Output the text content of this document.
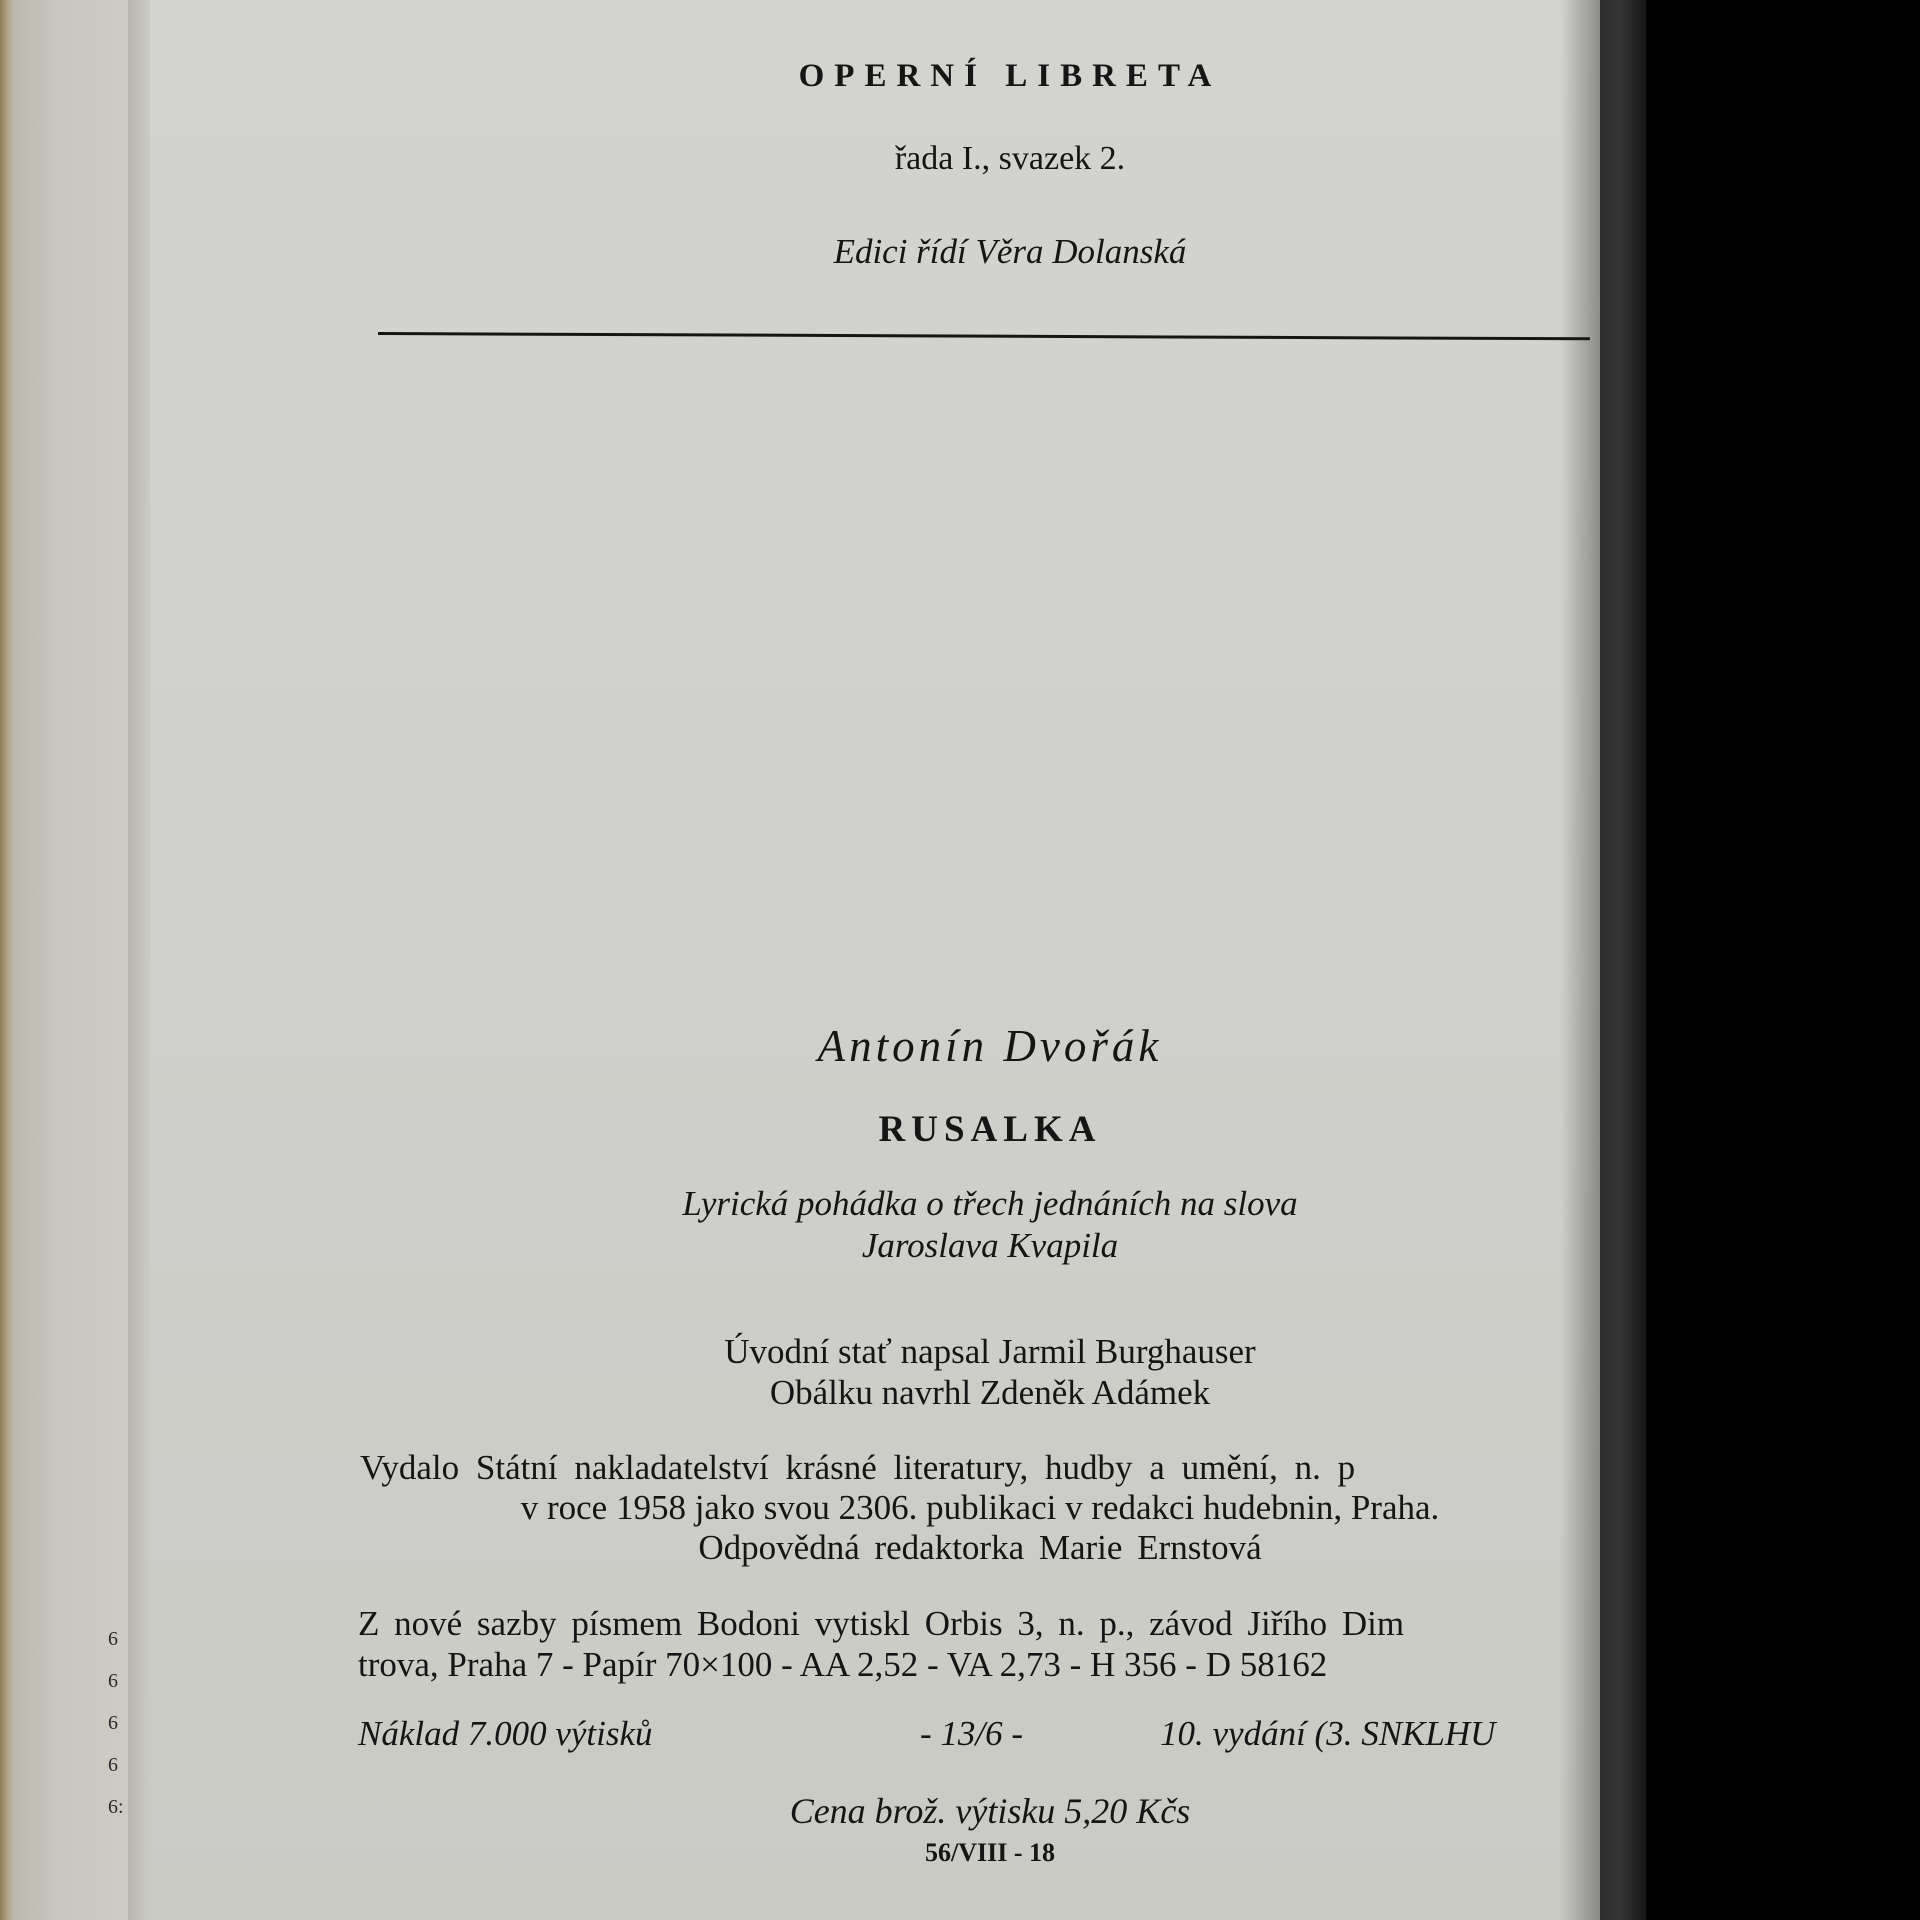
6
6
6
6
6:
OPERNÍ LIBRETA
řada I., svazek 2.
Edici řídí Věra Dolanská
Antonín Dvořák
RUSALKA
Lyrická pohádka o třech jednáních na slova
Jaroslava Kvapila
Úvodní stať napsal Jarmil Burghauser
Obálku navrhl Zdeněk Adámek
Vydalo Státní nakladatelství krásné literatury, hudby a umění, n. p
v roce 1958 jako svou 2306. publikaci v redakci hudebnin, Praha.
Odpovědná redaktorka Marie Ernstová
Z nové sazby písmem Bodoni vytiskl Orbis 3, n. p., závod Jiřího Dim
trova, Praha 7 - Papír 70×100 - AA 2,52 - VA 2,73 - H 356 - D 58162
Náklad 7.000 výtisků	- 13/6 -	10. vydání (3. SNKLHU
Cena brož. výtisku 5,20 Kčs
56/VIII - 18
